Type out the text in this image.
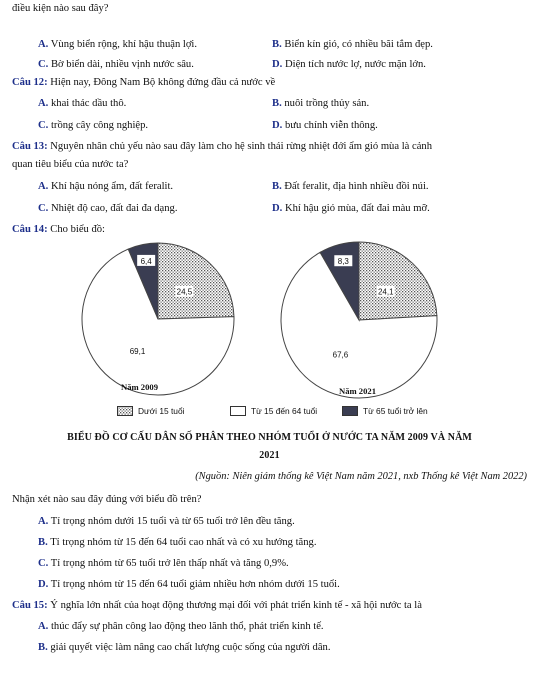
điều kiện nào sau đây?
A. Vùng biển rộng, khí hậu thuận lợi.	B. Biển kín gió, có nhiều bãi tắm đẹp.
C. Bờ biển dài, nhiều vịnh nước sâu.	D. Diện tích nước lợ, nước mặn lớn.
Câu 12: Hiện nay, Đông Nam Bộ không đứng đầu cả nước về
A. khai thác dầu thô.	B. nuôi trồng thủy sản.
C. trồng cây công nghiệp.	D. bưu chính viễn thông.
Câu 13: Nguyên nhân chủ yếu nào sau đây làm cho hệ sinh thái rừng nhiệt đới ẩm gió mùa là cảnh
quan tiêu biểu của nước ta?
A. Khí hậu nóng ẩm, đất feralit.	B. Đất feralit, địa hình nhiều đồi núi.
C. Nhiệt độ cao, đất đai đa dạng.	D. Khí hậu gió mùa, đất đai màu mỡ.
Câu 14: Cho biểu đồ:
24,5
69,1
6,4
24,1
67,6
8,3
Năm 2009	Năm 2021
Dưới 15 tuổi	Từ 15 đến 64 tuổi	Từ 65 tuổi trở lên
BIỂU ĐỒ CƠ CẤU DÂN SỐ PHÂN THEO NHÓM TUỔI Ở NƯỚC TA NĂM 2009 VÀ NĂM
2021
(Nguồn: Niên giám thống kê Việt Nam năm 2021, nxb Thống kê Việt Nam 2022)
Nhận xét nào sau đây đúng với biểu đồ trên?
A. Tỉ trọng nhóm dưới 15 tuổi và từ 65 tuổi trở lên đều tăng.
B. Tỉ trọng nhóm từ 15 đến 64 tuổi cao nhất và có xu hướng tăng.
C. Tỉ trọng nhóm từ 65 tuổi trở lên thấp nhất và tăng 0,9%.
D. Tỉ trọng nhóm từ 15 đến 64 tuổi giảm nhiều hơn nhóm dưới 15 tuổi.
Câu 15: Ý nghĩa lớn nhất của hoạt động thương mại đối với phát triển kinh tế - xã hội nước ta là
A. thúc đẩy sự phân công lao động theo lãnh thổ, phát triển kinh tế.
B. giải quyết việc làm nâng cao chất lượng cuộc sống của người dân.
